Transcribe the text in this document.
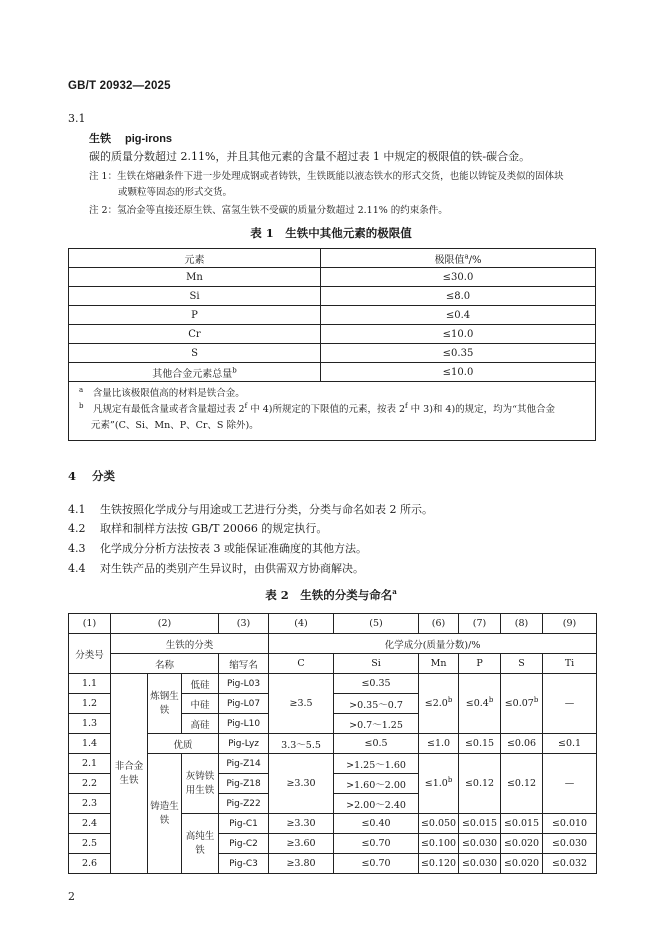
GB/T 20932—2025
3.1
生铁 pig-irons
碳的质量分数超过 2.11%，并且其他元素的含量不超过表 1 中规定的极限值的铁-碳合金。
注 1：生铁在熔融条件下进一步处理成钢或者铸铁，生铁既能以液态铁水的形式交货，也能以铸锭及类似的固体块
或颗粒等固态的形式交货。
注 2：氢冶金等直接还原生铁、富氢生铁不受碳的质量分数超过 2.11% 的约束条件。
表 1　生铁中其他元素的极限值
元素	极限值$^a$/%
Mn	≤30.0
Si	≤8.0
P	≤0.4
Cr	≤10.0
S	≤0.35
其他合金元素总量$^b$	≤10.0

$^a$　 含量比该极限值高的材料是铁合金。
$^b$　 凡规定有最低含量或者含量超过表 2$^f$ 中 4)所规定的下限值的元素，按表 2$^f$ 中 3)和 4)的规定，均为“其他合金
元素”(C、Si、Mn、P、Cr、S 除外)。	
4 分类
4.1 生铁按照化学成分与用途或工艺进行分类，分类与命名如表 2 所示。
4.2 取样和制样方法按 GB/T 20066 的规定执行。
4.3 化学成分分析方法按表 3 或能保证准确度的其他方法。
4.4 对生铁产品的类别产生异议时，由供需双方协商解决。
表 2　生铁的分类与命名$^a$
(1)	(2)			(3)	(4)	(5)	(6)	(7)	(8)	(9)	
分类号	生铁的分类				化学成分(质量分数)/%						
	名称			缩写名	C	Si	Mn	P	S	Ti	
1.1	非合金生铁	炼钢生铁	低硅	Pig-L03	≥3.5	≤0.35	≤2.0$^b$	≤0.4$^b$	≤0.07$^b$	—	
1.2			中硅	Pig-L07		>0.35～0.7					
1.3			高硅	Pig-L10		>0.7～1.25					
1.4		优质		Pig-Lyz	3.3～5.5	≤0.5	≤1.0	≤0.15	≤0.06	≤0.1	
2.1		铸造生铁	灰铸铁用生铁	Pig-Z14	≥3.30	>1.25～1.60	≤1.0$^b$	≤0.12	≤0.12	—	
2.2				Pig-Z18		>1.60～2.00					
2.3				Pig-Z22		>2.00～2.40					
2.4			高纯生铁	Pig-C1	≥3.30	≤0.40	≤0.050	≤0.015	≤0.015	≤0.010	
2.5				Pig-C2	≥3.60	≤0.70	≤0.100	≤0.030	≤0.020	≤0.030	
2.6				Pig-C3	≥3.80	≤0.70	≤0.120	≤0.030	≤0.020	≤0.032	
2
